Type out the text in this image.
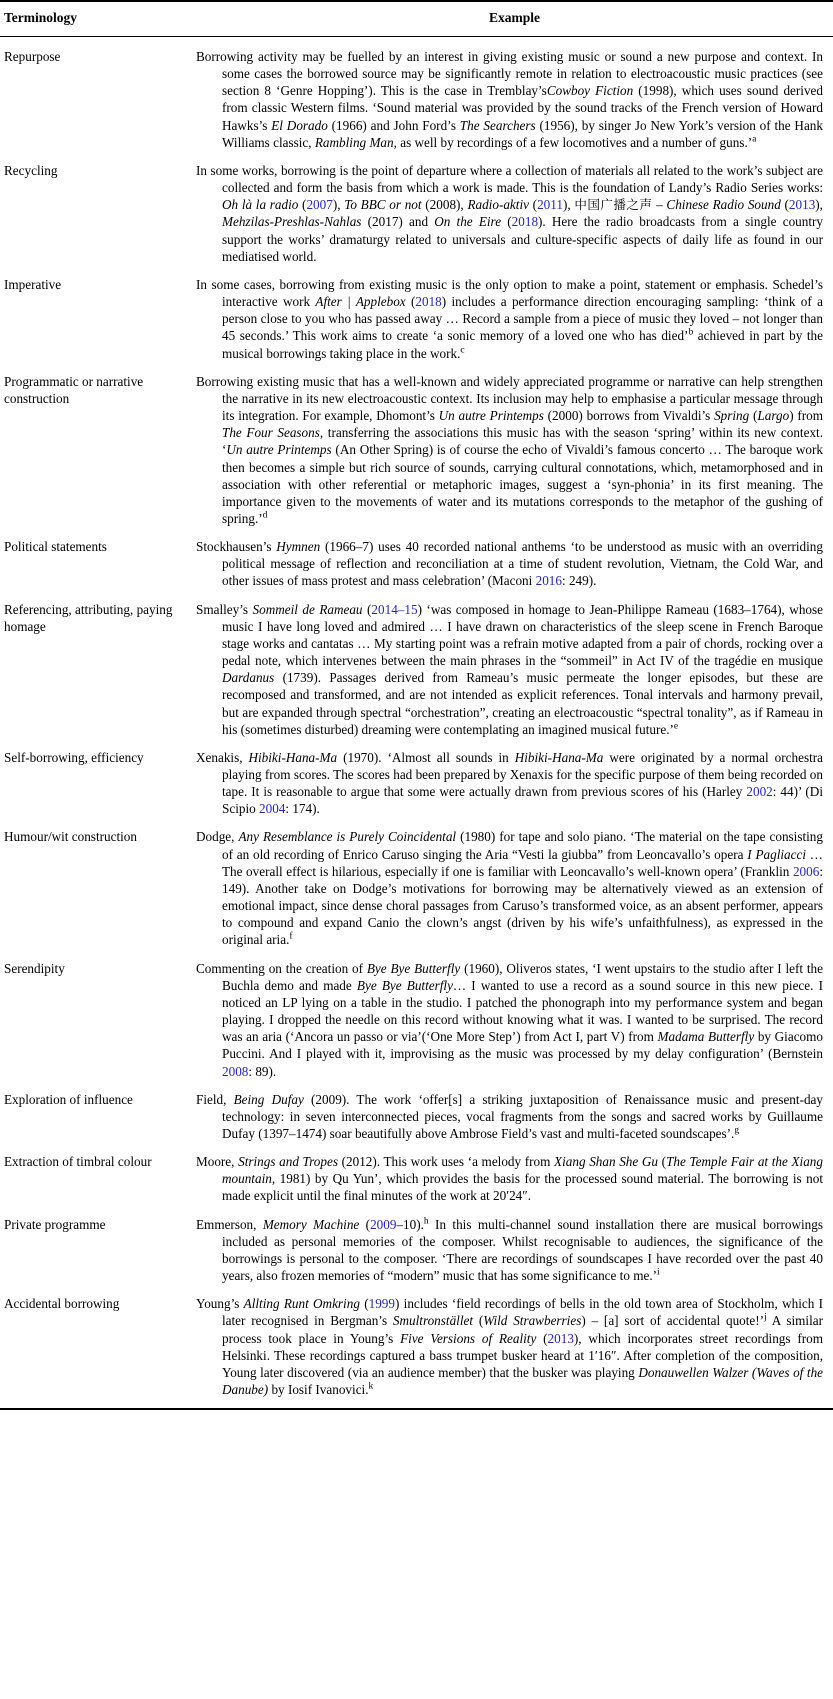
Terminology	Example
Repurpose	Borrowing activity may be fuelled by an interest in giving existing music or sound a new purpose and context. In some cases the borrowed source may be significantly remote in relation to electroacoustic music practices (see section 8 ‘Genre Hopping’). This is the case in Tremblay’sCowboy Fiction (1998), which uses sound derived from classic Western films. ‘Sound material was provided by the sound tracks of the French version of Howard Hawks’s El Dorado (1966) and John Ford’s The Searchers (1956), by singer Jo New York’s version of the Hank Williams classic, Rambling Man, as well by recordings of a few locomotives and a number of guns.’$^a$
Recycling	In some works, borrowing is the point of departure where a collection of materials all related to the work’s subject are collected and form the basis from which a work is made. This is the foundation of Landy’s Radio Series works: Oh là la radio (2007), To BBC or not (2008), Radio-aktiv (2011), 中国广播之声 – Chinese Radio Sound (2013), Mehzilas-Preshlas-Nahlas (2017) and On the Eire (2018). Here the radio broadcasts from a single country support the works’ dramaturgy related to universals and culture-specific aspects of daily life as found in our mediatised world.
Imperative	In some cases, borrowing from existing music is the only option to make a point, statement or emphasis. Schedel’s interactive work After | Applebox (2018) includes a performance direction encouraging sampling: ‘think of a person close to you who has passed away … Record a sample from a piece of music they loved – not longer than 45 seconds.’ This work aims to create ‘a sonic memory of a loved one who has died’$^b$ achieved in part by the musical borrowings taking place in the work.$^c$
Programmatic or narrative construction	Borrowing existing music that has a well-known and widely appreciated programme or narrative can help strengthen the narrative in its new electroacoustic context. Its inclusion may help to emphasise a particular message through its integration. For example, Dhomont’s Un autre Printemps (2000) borrows from Vivaldi’s Spring (Largo) from The Four Seasons, transferring the associations this music has with the season ‘spring’ within its new context. ‘Un autre Printemps (An Other Spring) is of course the echo of Vivaldi’s famous concerto … The baroque work then becomes a simple but rich source of sounds, carrying cultural connotations, which, metamorphosed and in association with other referential or metaphoric images, suggest a ‘syn-phonia’ in its first meaning. The importance given to the movements of water and its mutations corresponds to the metaphor of the gushing of spring.’$^d$
Political statements	Stockhausen’s Hymnen (1966–7) uses 40 recorded national anthems ‘to be understood as music with an overriding political message of reflection and reconciliation at a time of student revolution, Vietnam, the Cold War, and other issues of mass protest and mass celebration’ (Maconi 2016: 249).
Referencing, attributing, paying homage	Smalley’s Sommeil de Rameau (2014–15) ‘was composed in homage to Jean-Philippe Rameau (1683–1764), whose music I have long loved and admired … I have drawn on characteristics of the sleep scene in French Baroque stage works and cantatas … My starting point was a refrain motive adapted from a pair of chords, rocking over a pedal note, which intervenes between the main phrases in the “sommeil” in Act IV of the tragédie en musique Dardanus (1739). Passages derived from Rameau’s music permeate the longer episodes, but these are recomposed and transformed, and are not intended as explicit references. Tonal intervals and harmony prevail, but are expanded through spectral “orchestration”, creating an electroacoustic “spectral tonality”, as if Rameau in his (sometimes disturbed) dreaming were contemplating an imagined musical future.’$^e$
Self-borrowing, efficiency	Xenakis, Hibiki-Hana-Ma (1970). ‘Almost all sounds in Hibiki-Hana-Ma were originated by a normal orchestra playing from scores. The scores had been prepared by Xenaxis for the specific purpose of them being recorded on tape. It is reasonable to argue that some were actually drawn from previous scores of his (Harley 2002: 44)’ (Di Scipio 2004: 174).
Humour/wit construction	Dodge, Any Resemblance is Purely Coincidental (1980) for tape and solo piano. ‘The material on the tape consisting of an old recording of Enrico Caruso singing the Aria “Vesti la giubba” from Leoncavallo’s opera I Pagliacci … The overall effect is hilarious, especially if one is familiar with Leoncavallo’s well-known opera’ (Franklin 2006: 149). Another take on Dodge’s motivations for borrowing may be alternatively viewed as an extension of emotional impact, since dense choral passages from Caruso’s transformed voice, as an absent performer, appears to compound and expand Canio the clown’s angst (driven by his wife’s unfaithfulness), as expressed in the original aria.$^f$
Serendipity	Commenting on the creation of Bye Bye Butterfly (1960), Oliveros states, ‘I went upstairs to the studio after I left the Buchla demo and made Bye Bye Butterfly… I wanted to use a record as a sound source in this new piece. I noticed an LP lying on a table in the studio. I patched the phonograph into my performance system and began playing. I dropped the needle on this record without knowing what it was. I wanted to be surprised. The record was an aria (‘Ancora un passo or via’(‘One More Step’) from Act I, part V) from Madama Butterfly by Giacomo Puccini. And I played with it, improvising as the music was processed by my delay configuration’ (Bernstein 2008: 89).
Exploration of influence	Field, Being Dufay (2009). The work ‘offer[s] a striking juxtaposition of Renaissance music and present-day technology: in seven interconnected pieces, vocal fragments from the songs and sacred works by Guillaume Dufay (1397–1474) soar beautifully above Ambrose Field’s vast and multi-faceted soundscapes’.$^g$
Extraction of timbral colour	Moore, Strings and Tropes (2012). This work uses ‘a melody from Xiang Shan She Gu (The Temple Fair at the Xiang mountain, 1981) by Qu Yun’, which provides the basis for the processed sound material. The borrowing is not made explicit until the final minutes of the work at 20′24″.
Private programme	Emmerson, Memory Machine (2009–10).$^h$ In this multi-channel sound installation there are musical borrowings included as personal memories of the composer. Whilst recognisable to audiences, the significance of the borrowings is personal to the composer. ‘There are recordings of soundscapes I have recorded over the past 40 years, also frozen memories of “modern” music that has some significance to me.’$^i$
Accidental borrowing	Young’s Allting Runt Omkring (1999) includes ‘field recordings of bells in the old town area of Stockholm, which I later recognised in Bergman’s Smultronstället (Wild Strawberries) – [a] sort of accidental quote!’$^j$ A similar process took place in Young’s Five Versions of Reality (2013), which incorporates street recordings from Helsinki. These recordings captured a bass trumpet busker heard at 1′16″. After completion of the composition, Young later discovered (via an audience member) that the busker was playing Donauwellen Walzer (Waves of the Danube) by Iosif Ivanovici.$^k$
